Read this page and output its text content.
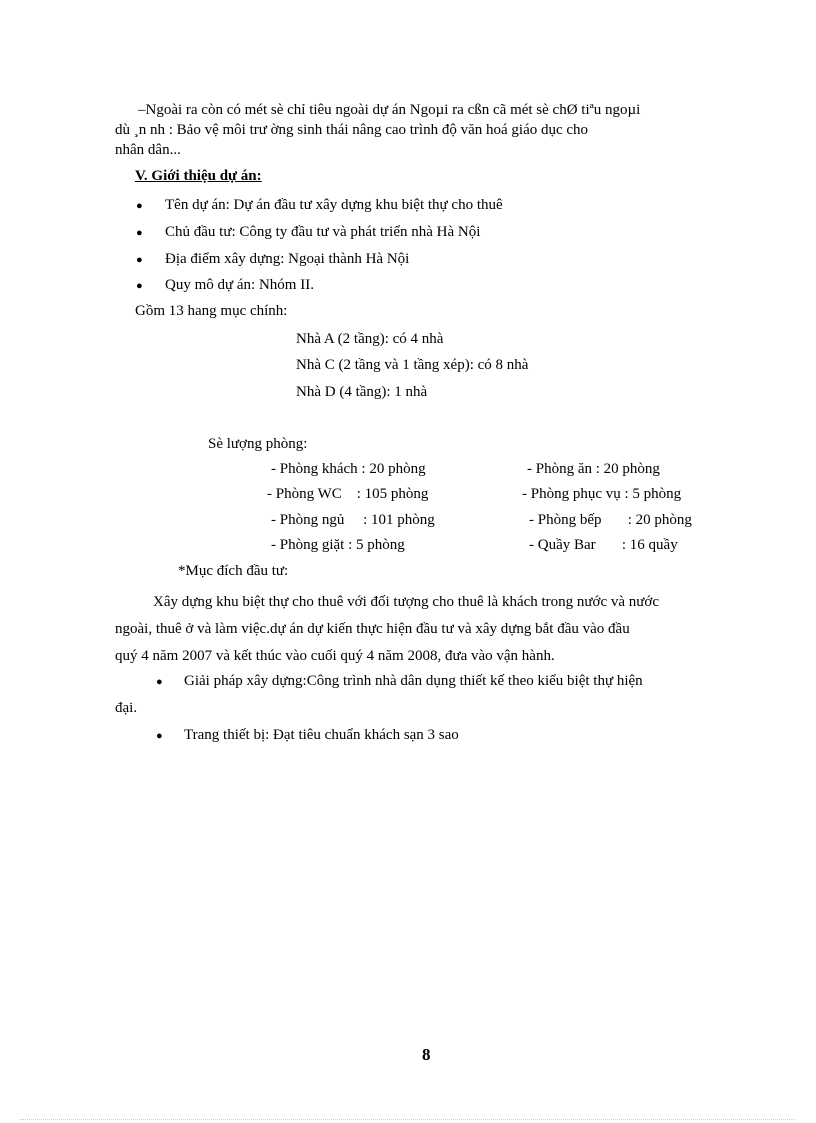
–Ngoài ra còn có mét sè chỉ tiêu ngoài dự án Ngoµi ra cßn cã mét sè chØ tiªu ngoµi
dù ¸n nh : Bảo vệ môi trư ờng sinh thái nâng cao trình độ văn hoá giáo dục cho
nhân dân...
V. Giới thiệu dự án:
● Tên dự án: Dự án đầu tư xây dựng khu biệt thự cho thuê
● Chủ đầu tư: Công ty đầu tư và phát triển nhà Hà Nội
● Địa điểm xây dựng: Ngoại thành Hà Nội
● Quy mô dự án: Nhóm II.
Gồm 13 hang mục chính:
Nhà A (2 tầng): có 4 nhà
Nhà C (2 tầng và 1 tầng xép): có 8 nhà
Nhà D (4 tầng): 1 nhà
Sè lượng phòng:
- Phòng khách : 20 phòng
- Phòng WC    : 105 phòng
- Phòng ngủ     : 101 phòng
- Phòng giặt : 5 phòng
- Phòng ăn : 20 phòng
- Phòng phục vụ : 5 phòng
- Phòng bếp       : 20 phòng
- Quầy Bar       : 16 quầy
*Mục đích đầu tư:
Xây dựng khu biệt thự cho thuê với đối tượng cho thuê là khách trong nước và nước
ngoài, thuê ở và làm việc.dự án dự kiến thực hiện đầu tư và xây dựng bắt đầu vào đầu
quý 4 năm 2007 và kết thúc vào cuối quý 4 năm 2008, đưa vào vận hành.
● Giải pháp xây dựng:Công trình nhà dân dụng thiết kế theo kiểu biệt thự hiện
đại.
● Trang thiết bị: Đạt tiêu chuẩn khách sạn 3 sao
8
